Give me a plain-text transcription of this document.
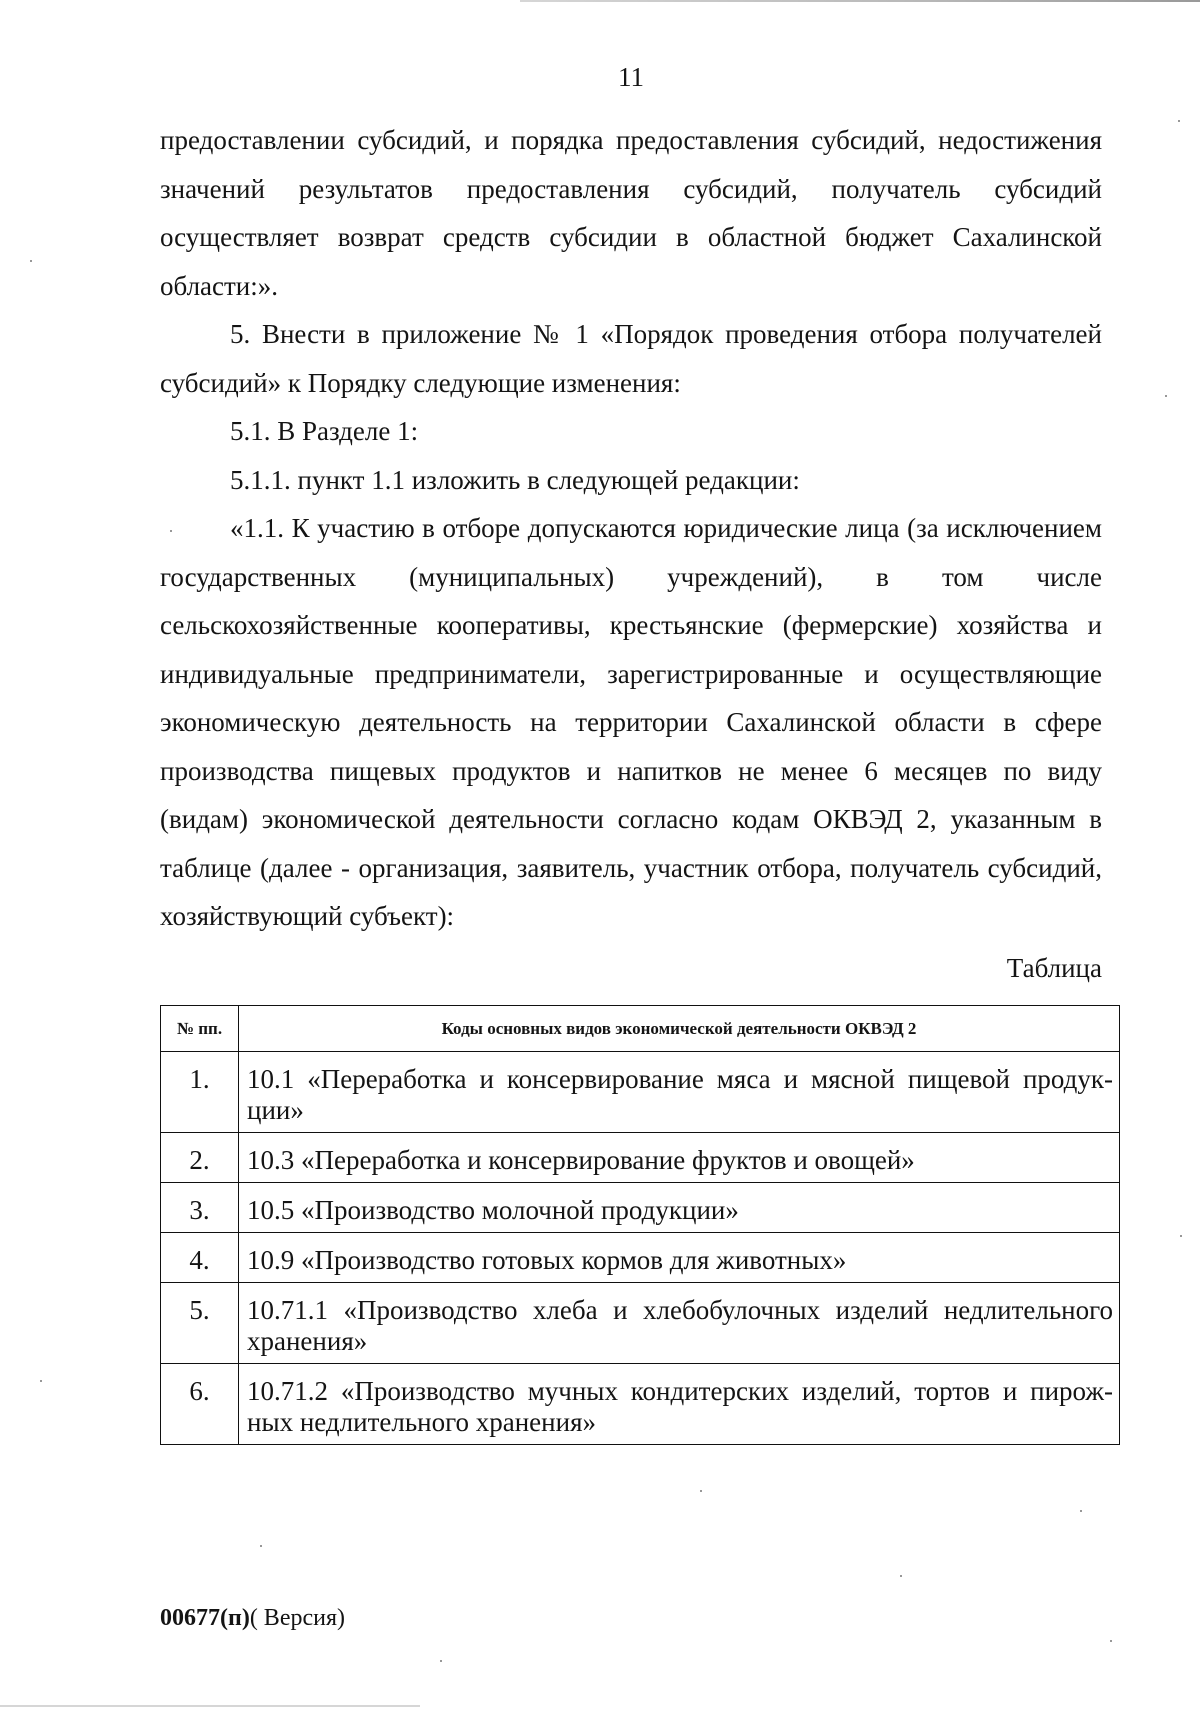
11

предоставлении субсидий, и порядка предоставления субсидий, недостижения значений результатов предоставления субсидий, получатель субсидий осуществляет возврат средств субсидии в областной бюджет Сахалинской области:».

5. Внести в приложение № 1 «Порядок проведения отбора получателей субсидий» к Порядку следующие изменения:

5.1. В Разделе 1:

5.1.1. пункт 1.1 изложить в следующей редакции:

«1.1. К участию в отборе допускаются юридические лица (за исключением государственных (муниципальных) учреждений), в том числе сельскохозяйственные кооперативы, крестьянские (фермерские) хозяйства и индивидуальные предприниматели, зарегистрированные и осуществляющие экономическую деятельность на территории Сахалинской области в сфере производства пищевых продуктов и напитков не менее 6 месяцев по виду (видам) экономической деятельности согласно кодам ОКВЭД 2, указанным в таблице (далее - организация, заявитель, участник отбора, получатель субсидий, хозяйствующий субъект):

Таблица
№ пп.	Коды основных видов экономической деятельности ОКВЭД 2
1.	10.1 «Переработка и консервирование мяса и мясной пищевой продук-ции»
2.	10.3 «Переработка и консервирование фруктов и овощей»
3.	10.5 «Производство молочной продукции»
4.	10.9 «Производство готовых кормов для животных»
5.	10.71.1 «Производство хлеба и хлебобулочных изделий недлительного хранения»
6.	10.71.2 «Производство мучных кондитерских изделий, тортов и пирож-ных недлительного хранения»
00677(п)( Версия)
